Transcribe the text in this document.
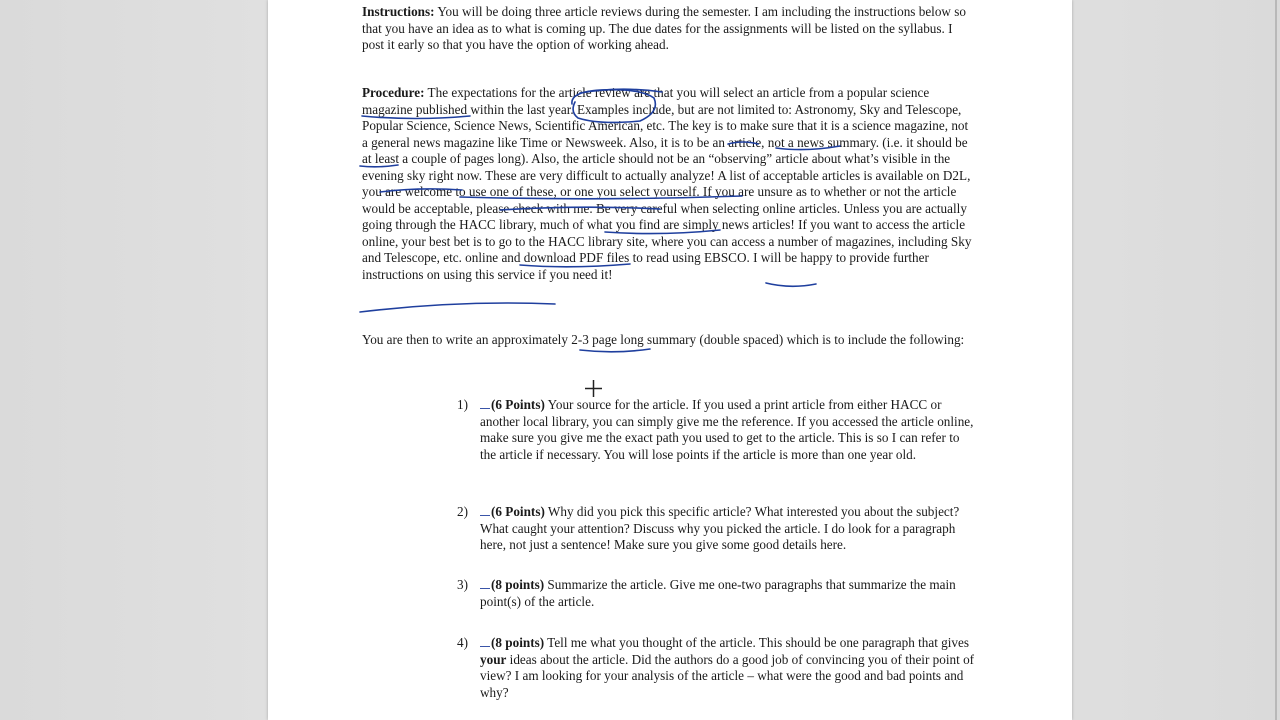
Instructions: You will be doing three article reviews during the semester. I am including the instructions below so that you have an idea as to what is coming up. The due dates for the assignments will be listed on the syllabus. I post it early so that you have the option of working ahead.

Procedure: The expectations for the article review are that you will select an article from a popular science magazine published within the last year. Examples include, but are not limited to: Astronomy, Sky and Telescope, Popular Science, Science News, Scientific American, etc. The key is to make sure that it is a science magazine, not a general news magazine like Time or Newsweek. Also, it is to be an article, not a news summary. (i.e. it should be at least a couple of pages long). Also, the article should not be an “observing” article about what’s visible in the evening sky right now. These are very difficult to actually analyze! A list of acceptable articles is available on D2L, you are welcome to use one of these, or one you select yourself. If you are unsure as to whether or not the article would be acceptable, please check with me. Be very careful when selecting online articles. Unless you are actually going through the HACC library, much of what you find are simply news articles! If you want to access the article online, your best bet is to go to the HACC library site, where you can access a number of magazines, including Sky and Telescope, etc. online and download PDF files to read using EBSCO. I will be happy to provide further instructions on using this service if you need it!

You are then to write an approximately 2-3 page long summary (double spaced) which is to include the following:

1)	(6 Points) Your source for the article. If you used a print article from either HACC or another local library, you can simply give me the reference. If you accessed the article online, make sure you give me the exact path you used to get to the article. This is so I can refer to the article if necessary. You will lose points if the article is more than one year old.
2)	(6 Points) Why did you pick this specific article? What interested you about the subject? What caught your attention? Discuss why you picked the article. I do look for a paragraph here, not just a sentence! Make sure you give some good details here.
3)	(8 points) Summarize the article. Give me one-two paragraphs that summarize the main point(s) of the article.
4)	(8 points) Tell me what you thought of the article. This should be one paragraph that gives your ideas about the article. Did the authors do a good job of convincing you of their point of view? I am looking for your analysis of the article – what were the good and bad points and why?
